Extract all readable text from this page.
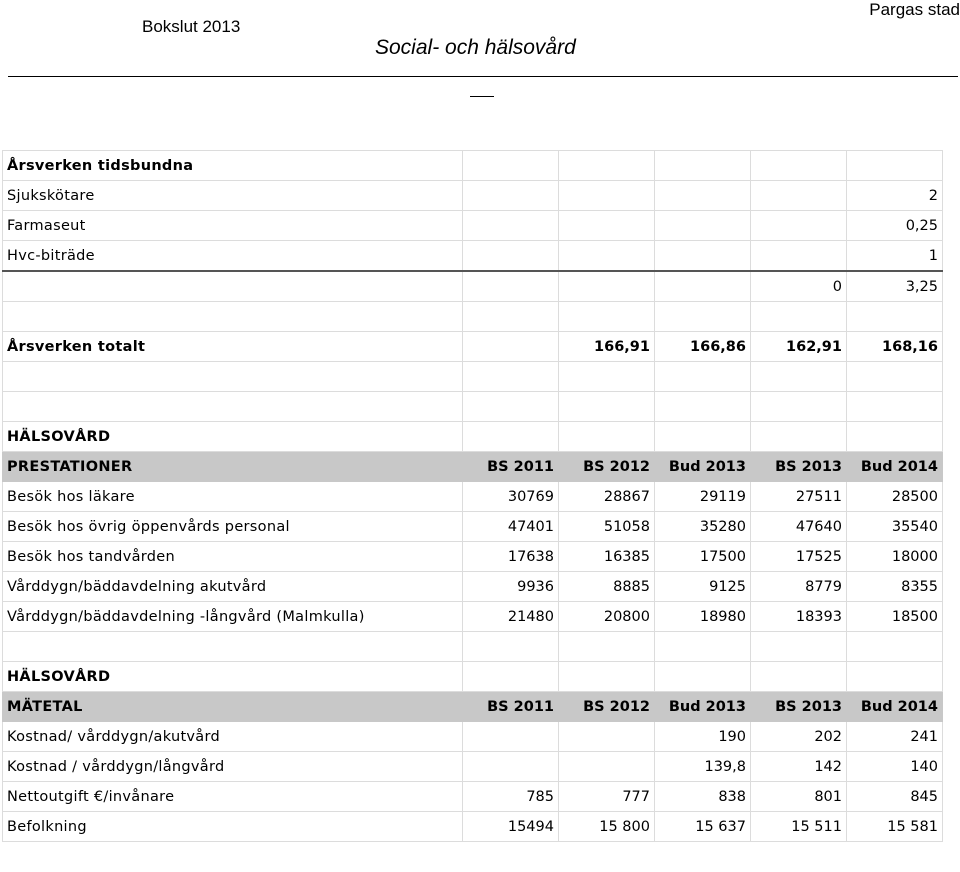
Bokslut 2013
Pargas stad
Social- och hälsovård
Årsverken tidsbundna					
Sjukskötare					2
Farmaseut					0,25
Hvc-biträde					1
				0	3,25

Årsverken totalt		166,91	166,86	162,91	168,16

HÄLSOVÅRD					
PRESTATIONER	BS 2011	BS 2012	Bud 2013	BS 2013	Bud 2014
Besök hos läkare	30769	28867	29119	27511	28500
Besök hos övrig öppenvårds personal	47401	51058	35280	47640	35540
Besök hos tandvården	17638	16385	17500	17525	18000
Vårddygn/bäddavdelning akutvård	9936	8885	9125	8779	8355
Vårddygn/bäddavdelning -långvård (Malmkulla)	21480	20800	18980	18393	18500

HÄLSOVÅRD					
MÄTETAL	BS 2011	BS 2012	Bud 2013	BS 2013	Bud 2014
Kostnad/ vårddygn/akutvård			190	202	241
Kostnad / vårddygn/långvård			139,8	142	140
Nettoutgift €/invånare	785	777	838	801	845
Befolkning	15494	15 800	15 637	15 511	15 581
